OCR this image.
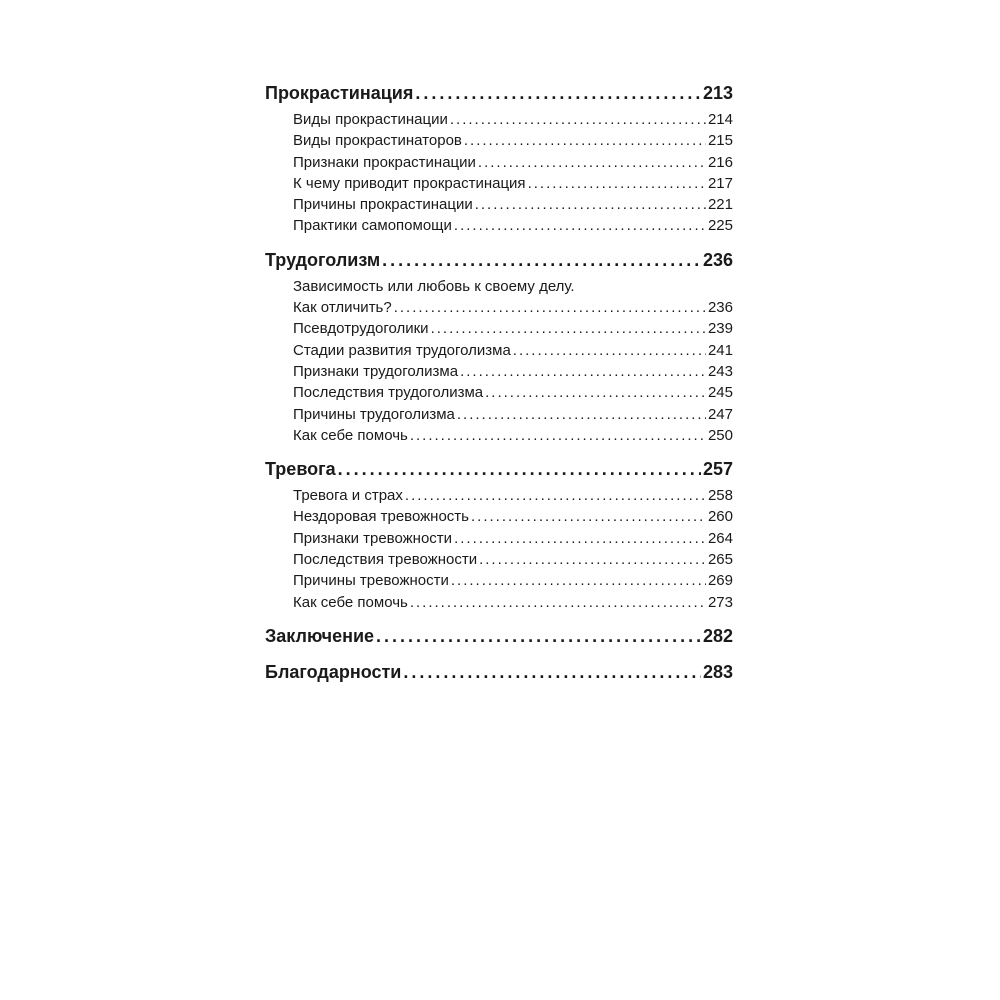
Прокрастинация .....	213
Виды прокрастинации .....	214
Виды прокрастинаторов .....	215
Признаки прокрастинации .....	216
К чему приводит прокрастинация .....	217
Причины прокрастинации .....	221
Практики самопомощи .....	225
Трудоголизм .....	236
Зависимость или любовь к своему делу.
Как отличить? .....	236
Псевдотрудоголики .....	239
Стадии развития трудоголизма .....	241
Признаки трудоголизма .....	243
Последствия трудоголизма .....	245
Причины трудоголизма .....	247
Как себе помочь .....	250
Тревога .....	257
Тревога и страх .....	258
Нездоровая тревожность .....	260
Признаки тревожности .....	264
Последствия тревожности .....	265
Причины тревожности .....	269
Как себе помочь .....	273
Заключение .....	282
Благодарности .....	283
